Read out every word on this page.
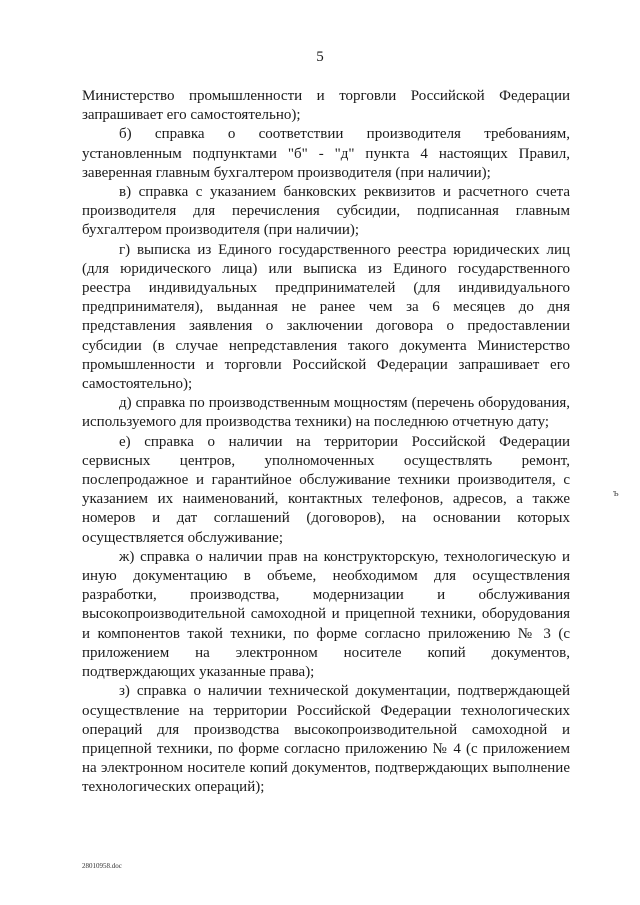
5

Министерство промышленности и торговли Российской Федерации запрашивает его самостоятельно);

б) справка о соответствии производителя требованиям, установленным подпунктами "б" - "д" пункта 4 настоящих Правил, заверенная главным бухгалтером производителя (при наличии);

в) справка с указанием банковских реквизитов и расчетного счета производителя для перечисления субсидии, подписанная главным бухгалтером производителя (при наличии);

г) выписка из Единого государственного реестра юридических лиц (для юридического лица) или выписка из Единого государственного реестра индивидуальных предпринимателей (для индивидуального предпринимателя), выданная не ранее чем за 6 месяцев до дня представления заявления о заключении договора о предоставлении субсидии (в случае непредставления такого документа Министерство промышленности и торговли Российской Федерации запрашивает его самостоятельно);

д) справка по производственным мощностям (перечень оборудования, используемого для производства техники) на последнюю отчетную дату;

е) справка о наличии на территории Российской Федерации сервисных центров, уполномоченных осуществлять ремонт, послепродажное и гарантийное обслуживание техники производителя, с указанием их наименований, контактных телефонов, адресов, а также номеров и дат соглашений (договоров), на основании которых осуществляется обслуживание;

ж) справка о наличии прав на конструкторскую, технологическую и иную документацию в объеме, необходимом для осуществления разработки, производства, модернизации и обслуживания высокопроизводительной самоходной и прицепной техники, оборудования и компонентов такой техники, по форме согласно приложению № 3 (с приложением на электронном носителе копий документов, подтверждающих указанные права);

з) справка о наличии технической документации, подтверждающей осуществление на территории Российской Федерации технологических операций для производства высокопроизводительной самоходной и прицепной техники, по форме согласно приложению № 4 (с приложением на электронном носителе копий документов, подтверждающих выполнение технологических операций);

ъ
28010958.doc
